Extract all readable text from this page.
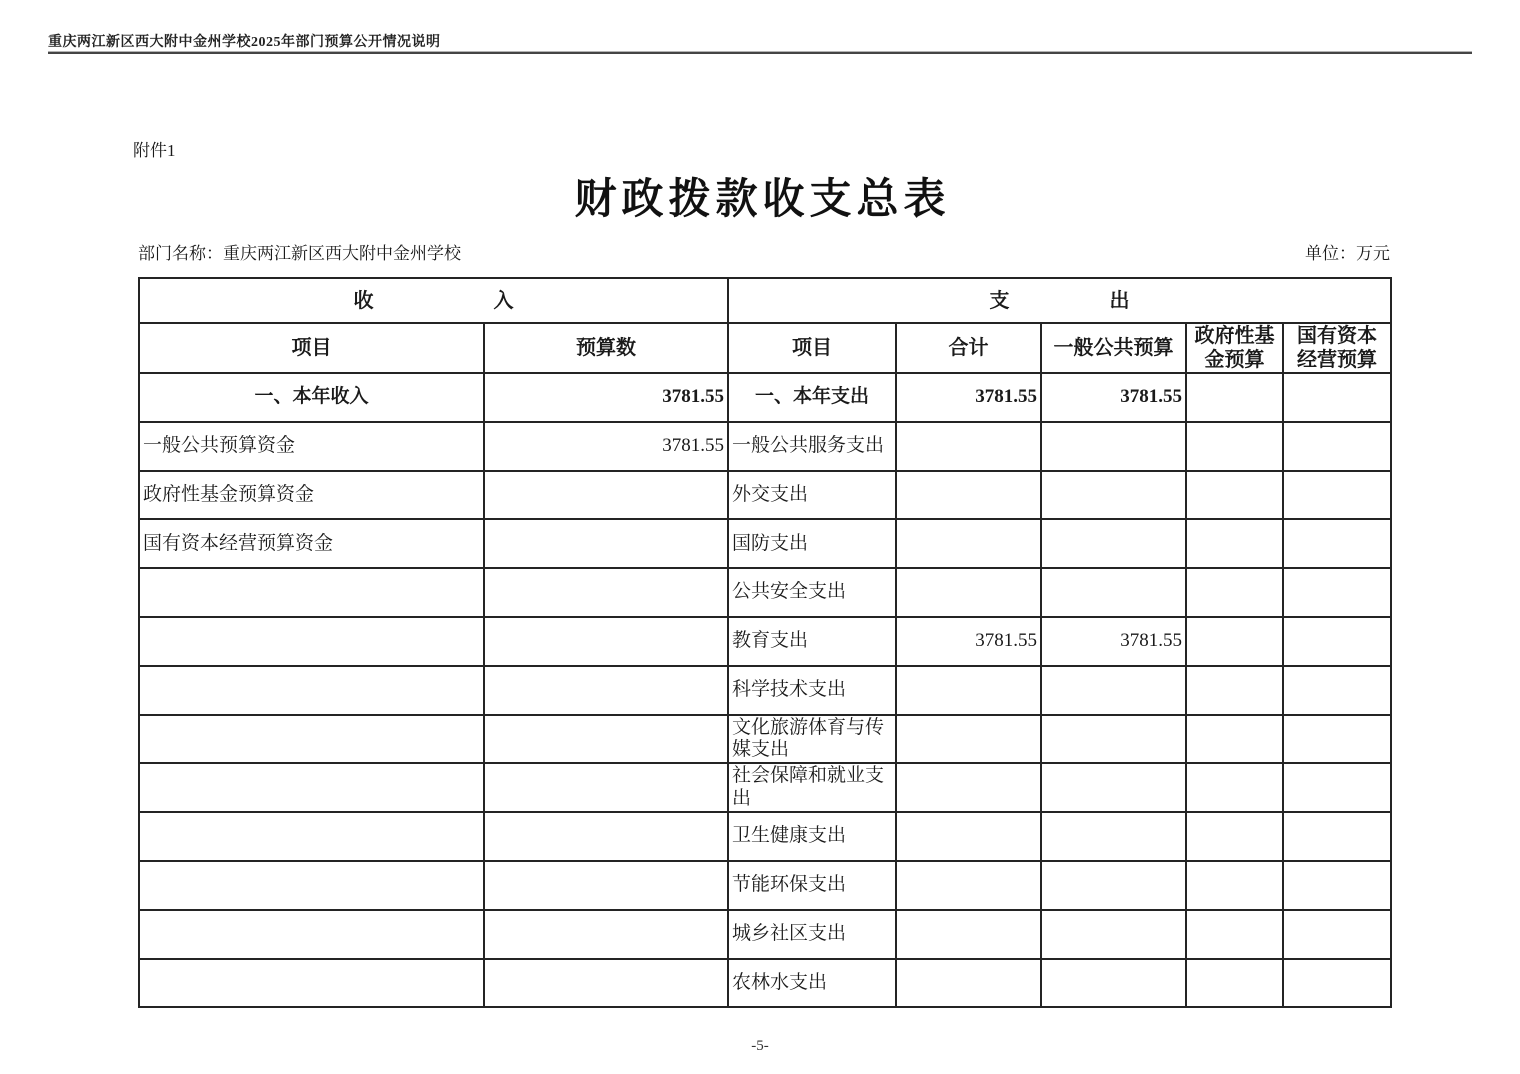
重庆两江新区西大附中金州学校2025年部门预算公开情况说明
附件1
财政拨款收支总表
部门名称：重庆两江新区西大附中金州学校	单位：万元
收　　　　　　入		支　　　　　出				
项目	预算数	项目	合计	一般公共预算	政府性基金预算	国有资本经营预算
一、本年收入	3781.55	一、本年支出	3781.55	3781.55		
一般公共预算资金	3781.55	一般公共服务支出				
政府性基金预算资金		外交支出				
国有资本经营预算资金		国防支出				
		公共安全支出				
		教育支出	3781.55	3781.55		
		科学技术支出				
		文化旅游体育与传媒支出				
		社会保障和就业支出				
		卫生健康支出				
		节能环保支出				
		城乡社区支出				
		农林水支出				
-5-
